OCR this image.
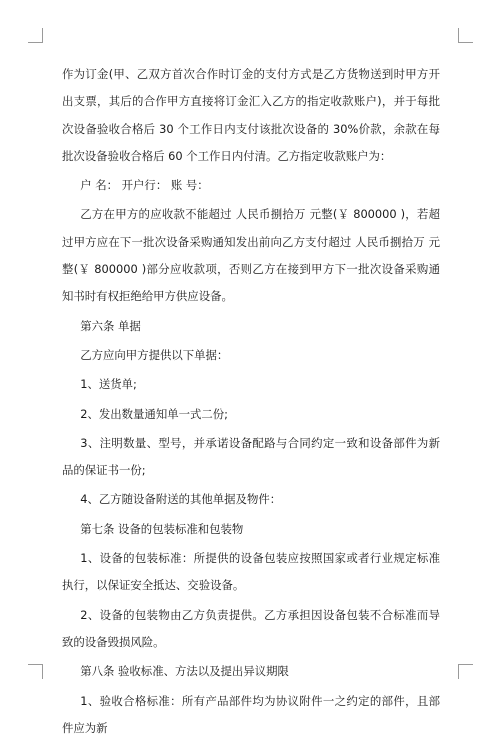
作为订金(甲、乙双方首次合作时订金的支付方式是乙方货物送到时甲方开出支票，其后的合作甲方直接将订金汇入乙方的指定收款账户)，并于每批次设备验收合格后 30 个工作日内支付该批次设备的 30%价款，余款在每批次设备验收合格后 60 个工作日内付清。乙方指定收款账户为：

户 名： 开户行： 账 号：

乙方在甲方的应收款不能超过 人民币捌拾万 元整(￥ 800000 )，若超过甲方应在下一批次设备采购通知发出前向乙方支付超过 人民币捌拾万 元整(￥ 800000 )部分应收款项，否则乙方在接到甲方下一批次设备采购通知书时有权拒绝给甲方供应设备。

第六条 单据

乙方应向甲方提供以下单据：

1、送货单;

2、发出数量通知单一式二份;

3、注明数量、型号，并承诺设备配路与合同约定一致和设备部件为新品的保证书一份;

4、乙方随设备附送的其他单据及物件：

第七条 设备的包装标准和包装物

1、设备的包装标准：所提供的设备包装应按照国家或者行业规定标准执行，以保证安全抵达、交验设备。

2、设备的包装物由乙方负责提供。乙方承担因设备包装不合标准而导致的设备毁损风险。

第八条 验收标准、方法以及提出异议期限

1、验收合格标准：所有产品部件均为协议附件一之约定的部件，且部件应为新
